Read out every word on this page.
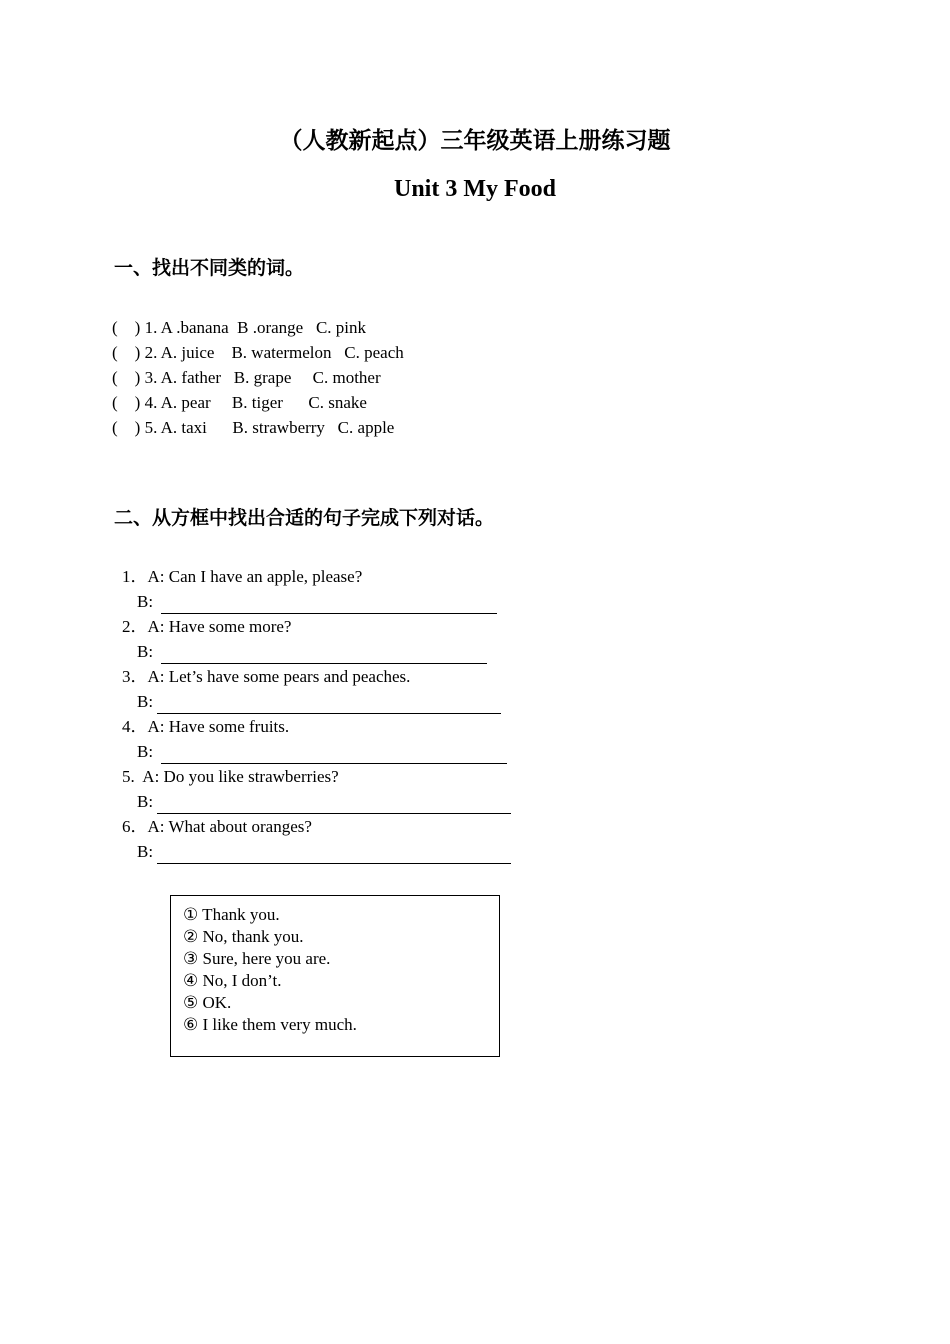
（人教新起点）三年级英语上册练习题
Unit 3 My Food
一、找出不同类的词。
(    ) 1. A .banana  B .orange   C. pink
(    ) 2. A. juice    B. watermelon   C. peach
(    ) 3. A. father   B. grape     C. mother
(    ) 4. A. pear     B. tiger      C. snake
(    ) 5. A. taxi      B. strawberry   C. apple
二、从方框中找出合适的句子完成下列对话。
1．A: Can I have an apple, please?
B:
2．A: Have some more?
B:
3．A: Let’s have some pears and peaches.
B:
4．A: Have some fruits.
B:
5.  A: Do you like strawberries?
B:
6．A: What about oranges?
B:
① Thank you.
② No, thank you.
③ Sure, here you are.
④ No, I don’t.
⑤ OK.
⑥ I like them very much.
